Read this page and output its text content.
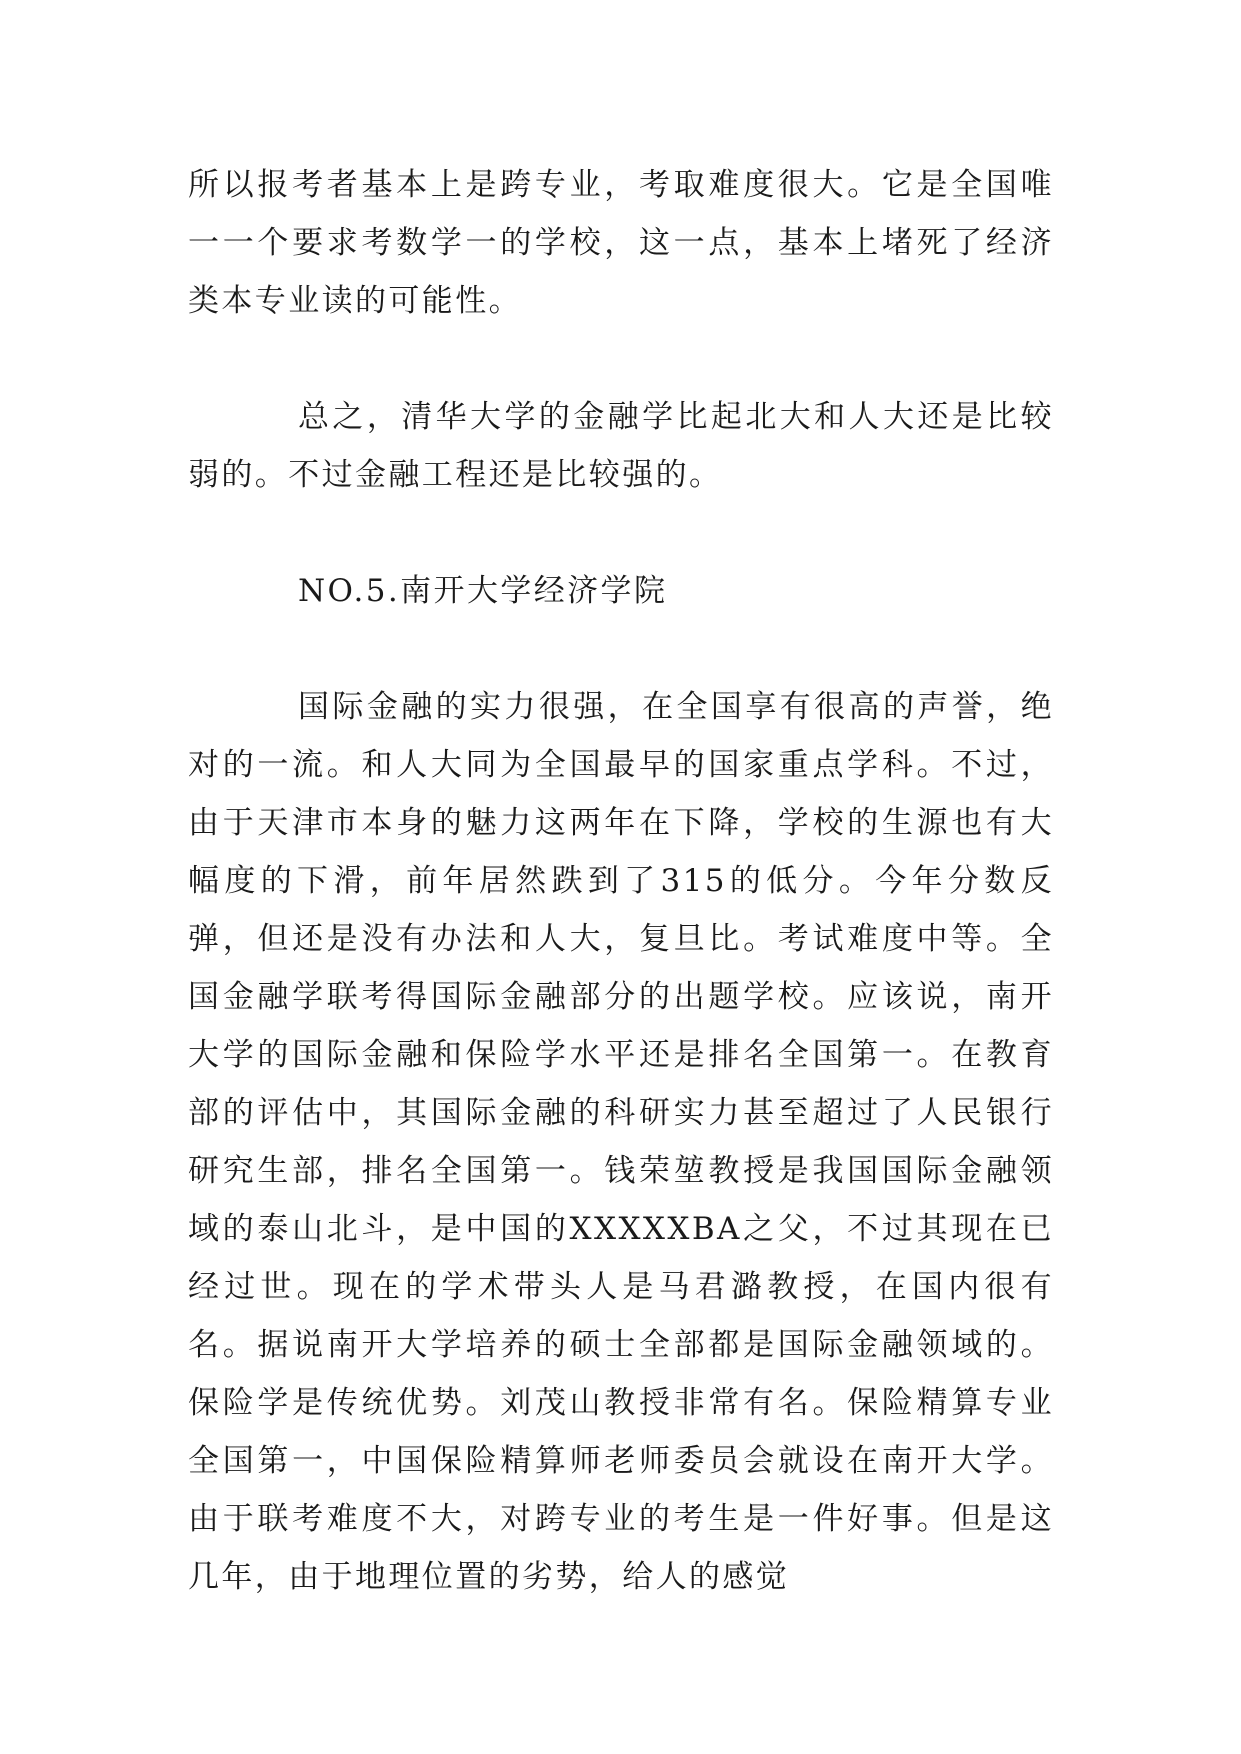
所以报考者基本上是跨专业，考取难度很大。它是全国唯一一个要求考数学一的学校，这一点，基本上堵死了经济类本专业读的可能性。

总之，清华大学的金融学比起北大和人大还是比较弱的。不过金融工程还是比较强的。

NO.5.南开大学经济学院

国际金融的实力很强，在全国享有很高的声誉，绝对的一流。和人大同为全国最早的国家重点学科。不过，由于天津市本身的魅力这两年在下降，学校的生源也有大幅度的下滑，前年居然跌到了315的低分。今年分数反弹，但还是没有办法和人大，复旦比。考试难度中等。全国金融学联考得国际金融部分的出题学校。应该说，南开大学的国际金融和保险学水平还是排名全国第一。在教育部的评估中，其国际金融的科研实力甚至超过了人民银行研究生部，排名全国第一。钱荣堃教授是我国国际金融领域的泰山北斗，是中国的XXXXXBA之父，不过其现在已经过世。现在的学术带头人是马君潞教授，在国内很有名。据说南开大学培养的硕士全部都是国际金融领域的。保险学是传统优势。刘茂山教授非常有名。保险精算专业全国第一，中国保险精算师老师委员会就设在南开大学。由于联考难度不大，对跨专业的考生是一件好事。但是这几年，由于地理位置的劣势，给人的感觉
